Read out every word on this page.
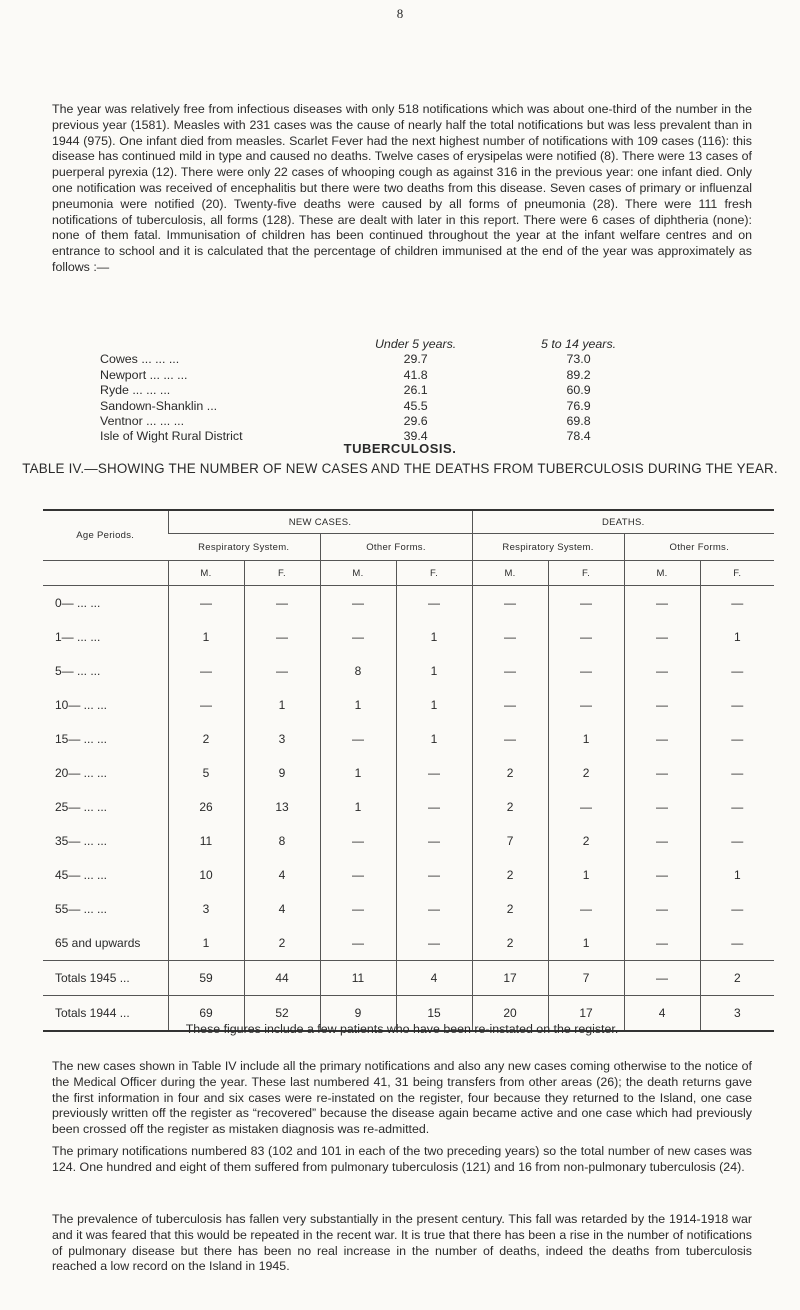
8

The year was relatively free from infectious diseases with only 518 notifications which was about one-third of the number in the previous year (1581). Measles with 231 cases was the cause of nearly half the total notifications but was less prevalent than in 1944 (975). One infant died from measles. Scarlet Fever had the next highest number of notifications with 109 cases (116): this disease has continued mild in type and caused no deaths. Twelve cases of erysipelas were notified (8). There were 13 cases of puerperal pyrexia (12). There were only 22 cases of whooping cough as against 316 in the previous year: one infant died. Only one notification was received of encephalitis but there were two deaths from this disease. Seven cases of primary or influenzal pneumonia were notified (20). Twenty-five deaths were caused by all forms of pneumonia (28). There were 111 fresh notifications of tuberculosis, all forms (128). These are dealt with later in this report. There were 6 cases of diphtheria (none): none of them fatal. Immunisation of children has been continued throughout the year at the infant welfare centres and on entrance to school and it is calculated that the percentage of children immunised at the end of the year was approximately as follows :—

	Under 5 years.	5 to 14 years.
Cowes ... ... ...	29.7	73.0
Newport ... ... ...	41.8	89.2
Ryde ... ... ...	26.1	60.9
Sandown-Shanklin ...	45.5	76.9
Ventnor ... ... ...	29.6	69.8
Isle of Wight Rural District	39.4	78.4
TUBERCULOSIS.
TABLE IV.—SHOWING THE NUMBER OF NEW CASES AND THE DEATHS FROM TUBERCULOSIS DURING THE YEAR.
Age Periods.	NEW CASES.				DEATHS.			
	Respiratory System.		Other Forms.		Respiratory System.		Other Forms.	
	M.	F.	M.	F.	M.	F.	M.	F.
0— ... ...	—	—	—	—	—	—	—	—
1— ... ...	1	—	—	1	—	—	—	1
5— ... ...	—	—	8	1	—	—	—	—
10— ... ...	—	1	1	1	—	—	—	—
15— ... ...	2	3	—	1	—	1	—	—
20— ... ...	5	9	1	—	2	2	—	—
25— ... ...	26	13	1	—	2	—	—	—
35— ... ...	11	8	—	—	7	2	—	—
45— ... ...	10	4	—	—	2	1	—	1
55— ... ...	3	4	—	—	2	—	—	—
65 and upwards	1	2	—	—	2	1	—	—
Totals 1945 ...	59	44	11	4	17	7	—	2
Totals 1944 ...	69	52	9	15	20	17	4	3

These figures include a few patients who have been re-instated on the register.

The new cases shown in Table IV include all the primary notifications and also any new cases coming otherwise to the notice of the Medical Officer during the year. These last numbered 41, 31 being transfers from other areas (26); the death returns gave the first information in four and six cases were re-instated on the register, four because they returned to the Island, one case previously written off the register as “recovered” because the disease again became active and one case which had previously been crossed off the register as mistaken diagnosis was re-admitted.

The primary notifications numbered 83 (102 and 101 in each of the two preceding years) so the total number of new cases was 124. One hundred and eight of them suffered from pulmonary tuberculosis (121) and 16 from non-pulmonary tuberculosis (24).

The prevalence of tuberculosis has fallen very substantially in the present century. This fall was retarded by the 1914-1918 war and it was feared that this would be repeated in the recent war. It is true that there has been a rise in the number of notifications of pulmonary disease but there has been no real increase in the number of deaths, indeed the deaths from tuberculosis reached a low record on the Island in 1945.
